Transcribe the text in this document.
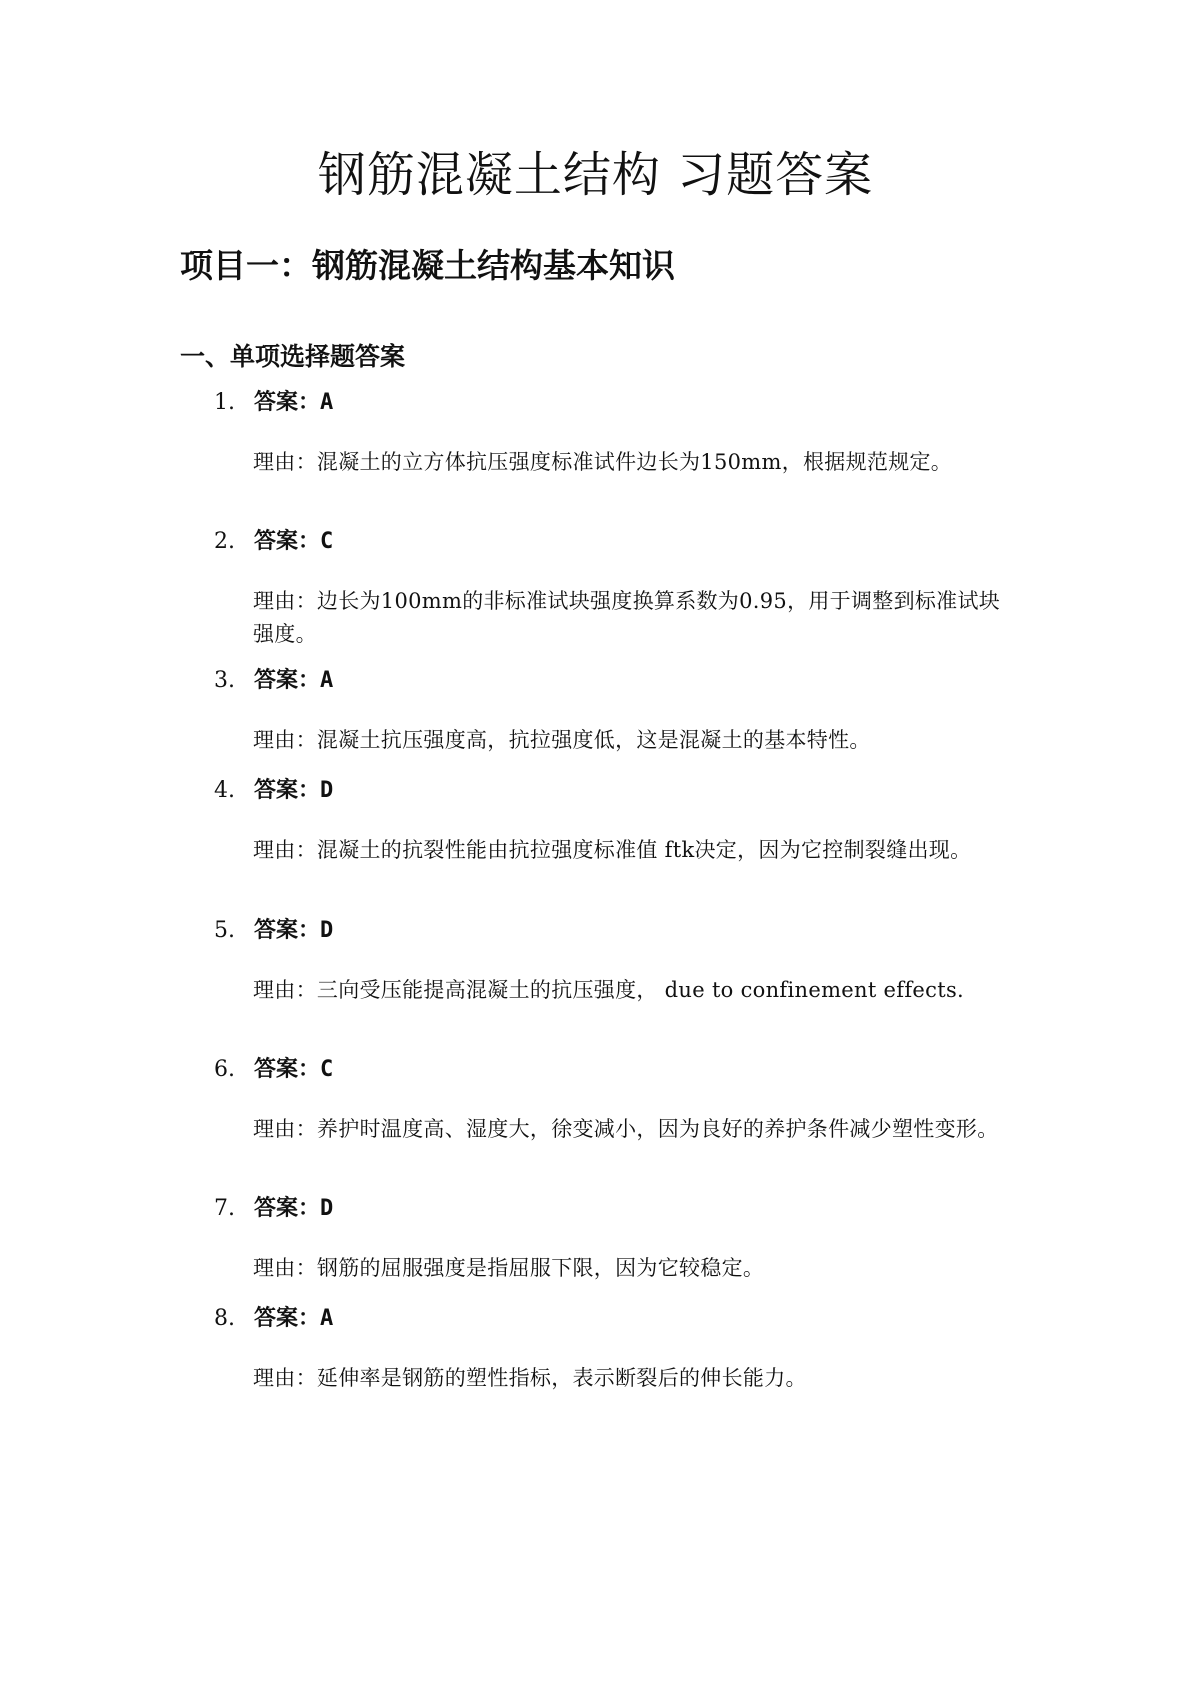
钢筋混凝土结构 习题答案
项目一：钢筋混凝土结构基本知识
一、单项选择题答案
1. 答案：A

理由：混凝土的立方体抗压强度标准试件边长为150mm，根据规范规定。

2. 答案：C

理由：边长为100mm的非标准试块强度换算系数为0.95，用于调整到标准试块强度。

3. 答案：A

理由：混凝土抗压强度高，抗拉强度低，这是混凝土的基本特性。

4. 答案：D

理由：混凝土的抗裂性能由抗拉强度标准值 ftk决定，因为它控制裂缝出现。

5. 答案：D

理由：三向受压能提高混凝土的抗压强度， due to confinement effects.

6. 答案：C

理由：养护时温度高、湿度大，徐变减小，因为良好的养护条件减少塑性变形。

7. 答案：D

理由：钢筋的屈服强度是指屈服下限，因为它较稳定。

8. 答案：A

理由：延伸率是钢筋的塑性指标，表示断裂后的伸长能力。
